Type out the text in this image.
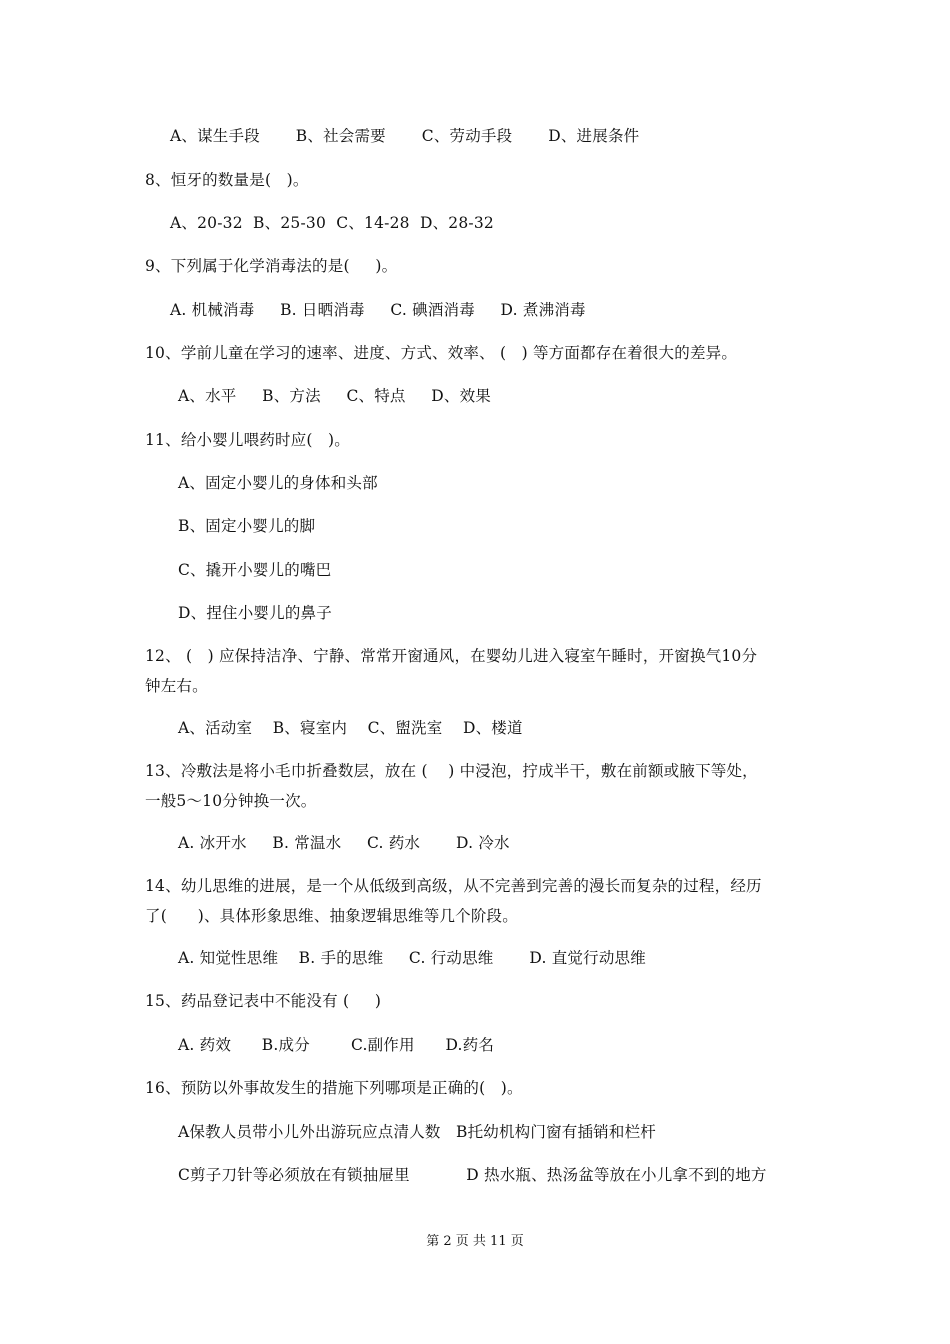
A、谋生手段       B、社会需要       C、劳动手段       D、进展条件
8、恒牙的数量是(   )。
A、20-32  B、25-30  C、14-28  D、28-32
9、下列属于化学消毒法的是(     )。
A. 机械消毒     B. 日晒消毒     C. 碘酒消毒     D. 煮沸消毒
10、学前儿童在学习的速率、进度、方式、效率、 (   ) 等方面都存在着很大的差异。
A、水平     B、方法     C、特点     D、效果
11、给小婴儿喂药时应(   )。
A、固定小婴儿的身体和头部
B、固定小婴儿的脚
C、撬开小婴儿的嘴巴
D、捏住小婴儿的鼻子
12、 (   ) 应保持洁净、宁静、常常开窗通风，在婴幼儿进入寝室午睡时，开窗换气10分
钟左右。
A、活动室    B、寝室内    C、盥洗室    D、楼道
13、冷敷法是将小毛巾折叠数层，放在 (    ) 中浸泡，拧成半干，敷在前额或腋下等处，
一般5～10分钟换一次。
A. 冰开水     B. 常温水     C. 药水       D. 冷水
14、幼儿思维的进展，是一个从低级到高级，从不完善到完善的漫长而复杂的过程，经历
了(      )、具体形象思维、抽象逻辑思维等几个阶段。
A. 知觉性思维    B. 手的思维     C. 行动思维       D. 直觉行动思维
15、药品登记表中不能没有 (     )
A. 药效      B.成分        C.副作用      D.药名
16、预防以外事故发生的措施下列哪项是正确的(   )。
A保教人员带小儿外出游玩应点清人数   B托幼机构门窗有插销和栏杆
C剪子刀针等必须放在有锁抽屉里           D 热水瓶、热汤盆等放在小儿拿不到的地方
第 2 页 共 11 页
